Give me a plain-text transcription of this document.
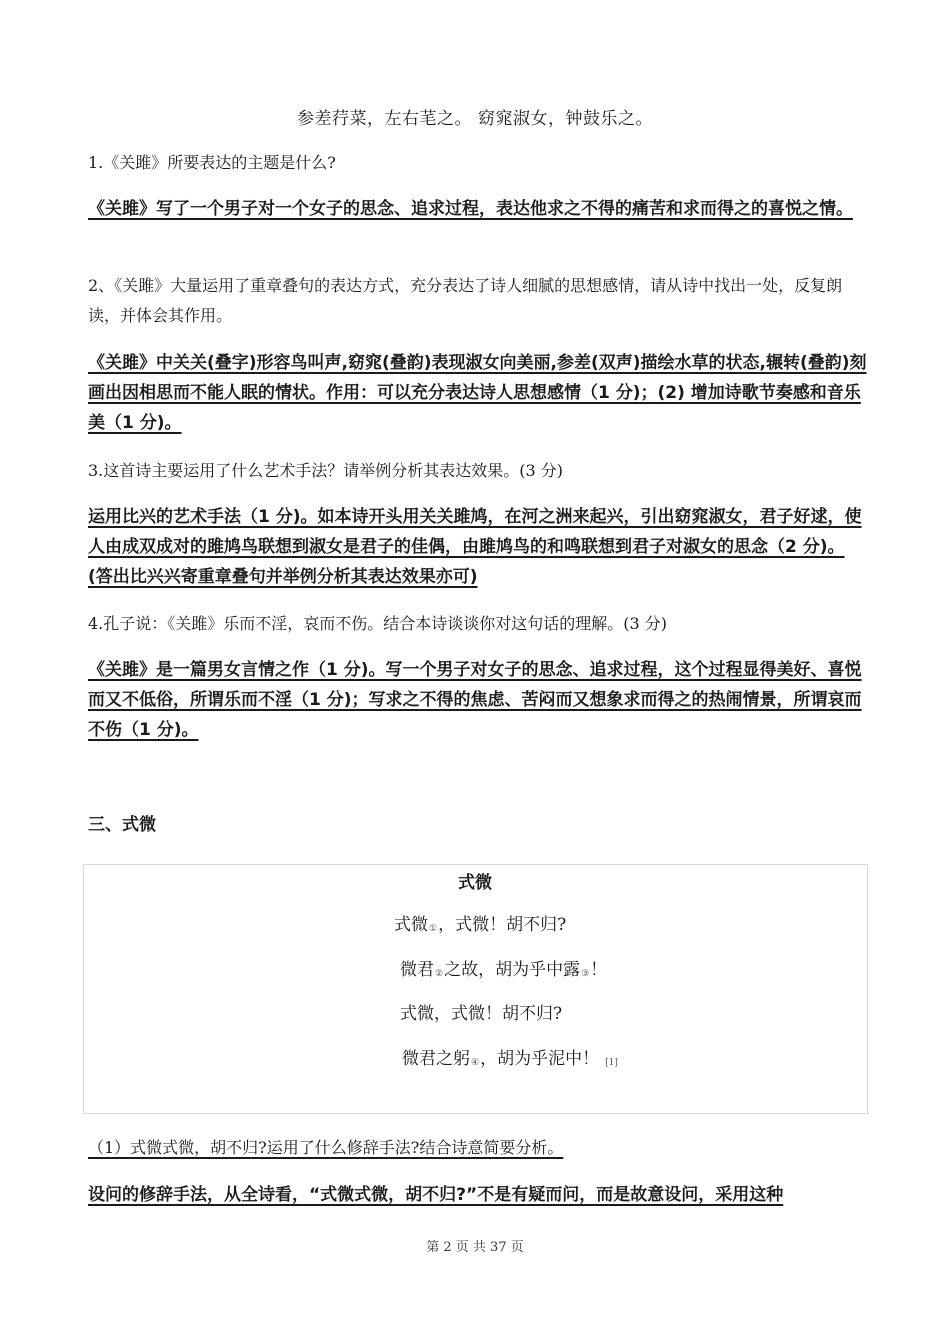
参差荇菜，左右芼之。 窈窕淑女，钟鼓乐之。
1.《关雎》所要表达的主题是什么?
《关雎》写了一个男子对一个女子的思念、追求过程，表达他求之不得的痛苦和求而得之的喜悦之情。
2、《关雎》大量运用了重章叠句的表达方式，充分表达了诗人细腻的思想感情，请从诗中找出一处，反复朗读，并体会其作用。
《关雎》中关关(叠字)形容鸟叫声,窈窕(叠韵)表现淑女向美丽,参差(双声)描绘水草的状态,辗转(叠韵)刻画出因相思而不能人眠的情状。作用：可以充分表达诗人思想感情（1 分)；(2) 增加诗歌节奏感和音乐美（1 分)。
3.这首诗主要运用了什么艺术手法？请举例分析其表达效果。(3 分)
运用比兴的艺术手法（1 分)。如本诗开头用关关雎鸠，在河之洲来起兴，引出窈窕淑女，君子好逑，使人由成双成对的雎鸠鸟联想到淑女是君子的佳偶，由雎鸠鸟的和鸣联想到君子对淑女的思念（2 分)。(答出比兴兴寄重章叠句并举例分析其表达效果亦可)
4.孔子说：《关雎》乐而不淫，哀而不伤。结合本诗谈谈你对这句话的理解。(3 分)
《关雎》是一篇男女言情之作（1 分)。写一个男子对女子的思念、追求过程，这个过程显得美好、喜悦而又不低俗，所谓乐而不淫（1 分)；写求之不得的焦虑、苦闷而又想象求而得之的热闹情景，所谓哀而不伤（1 分)。
三、式微
式微
式微①，式微！胡不归?
微君②之故，胡为乎中露③！
式微，式微！胡不归?
微君之躬④，胡为乎泥中！ [1]
（1）式微式微，胡不归?运用了什么修辞手法?结合诗意简要分析。
设问的修辞手法，从全诗看，“式微式微，胡不归?”不是有疑而问，而是故意设问，采用这种
第 2 页 共 37 页
